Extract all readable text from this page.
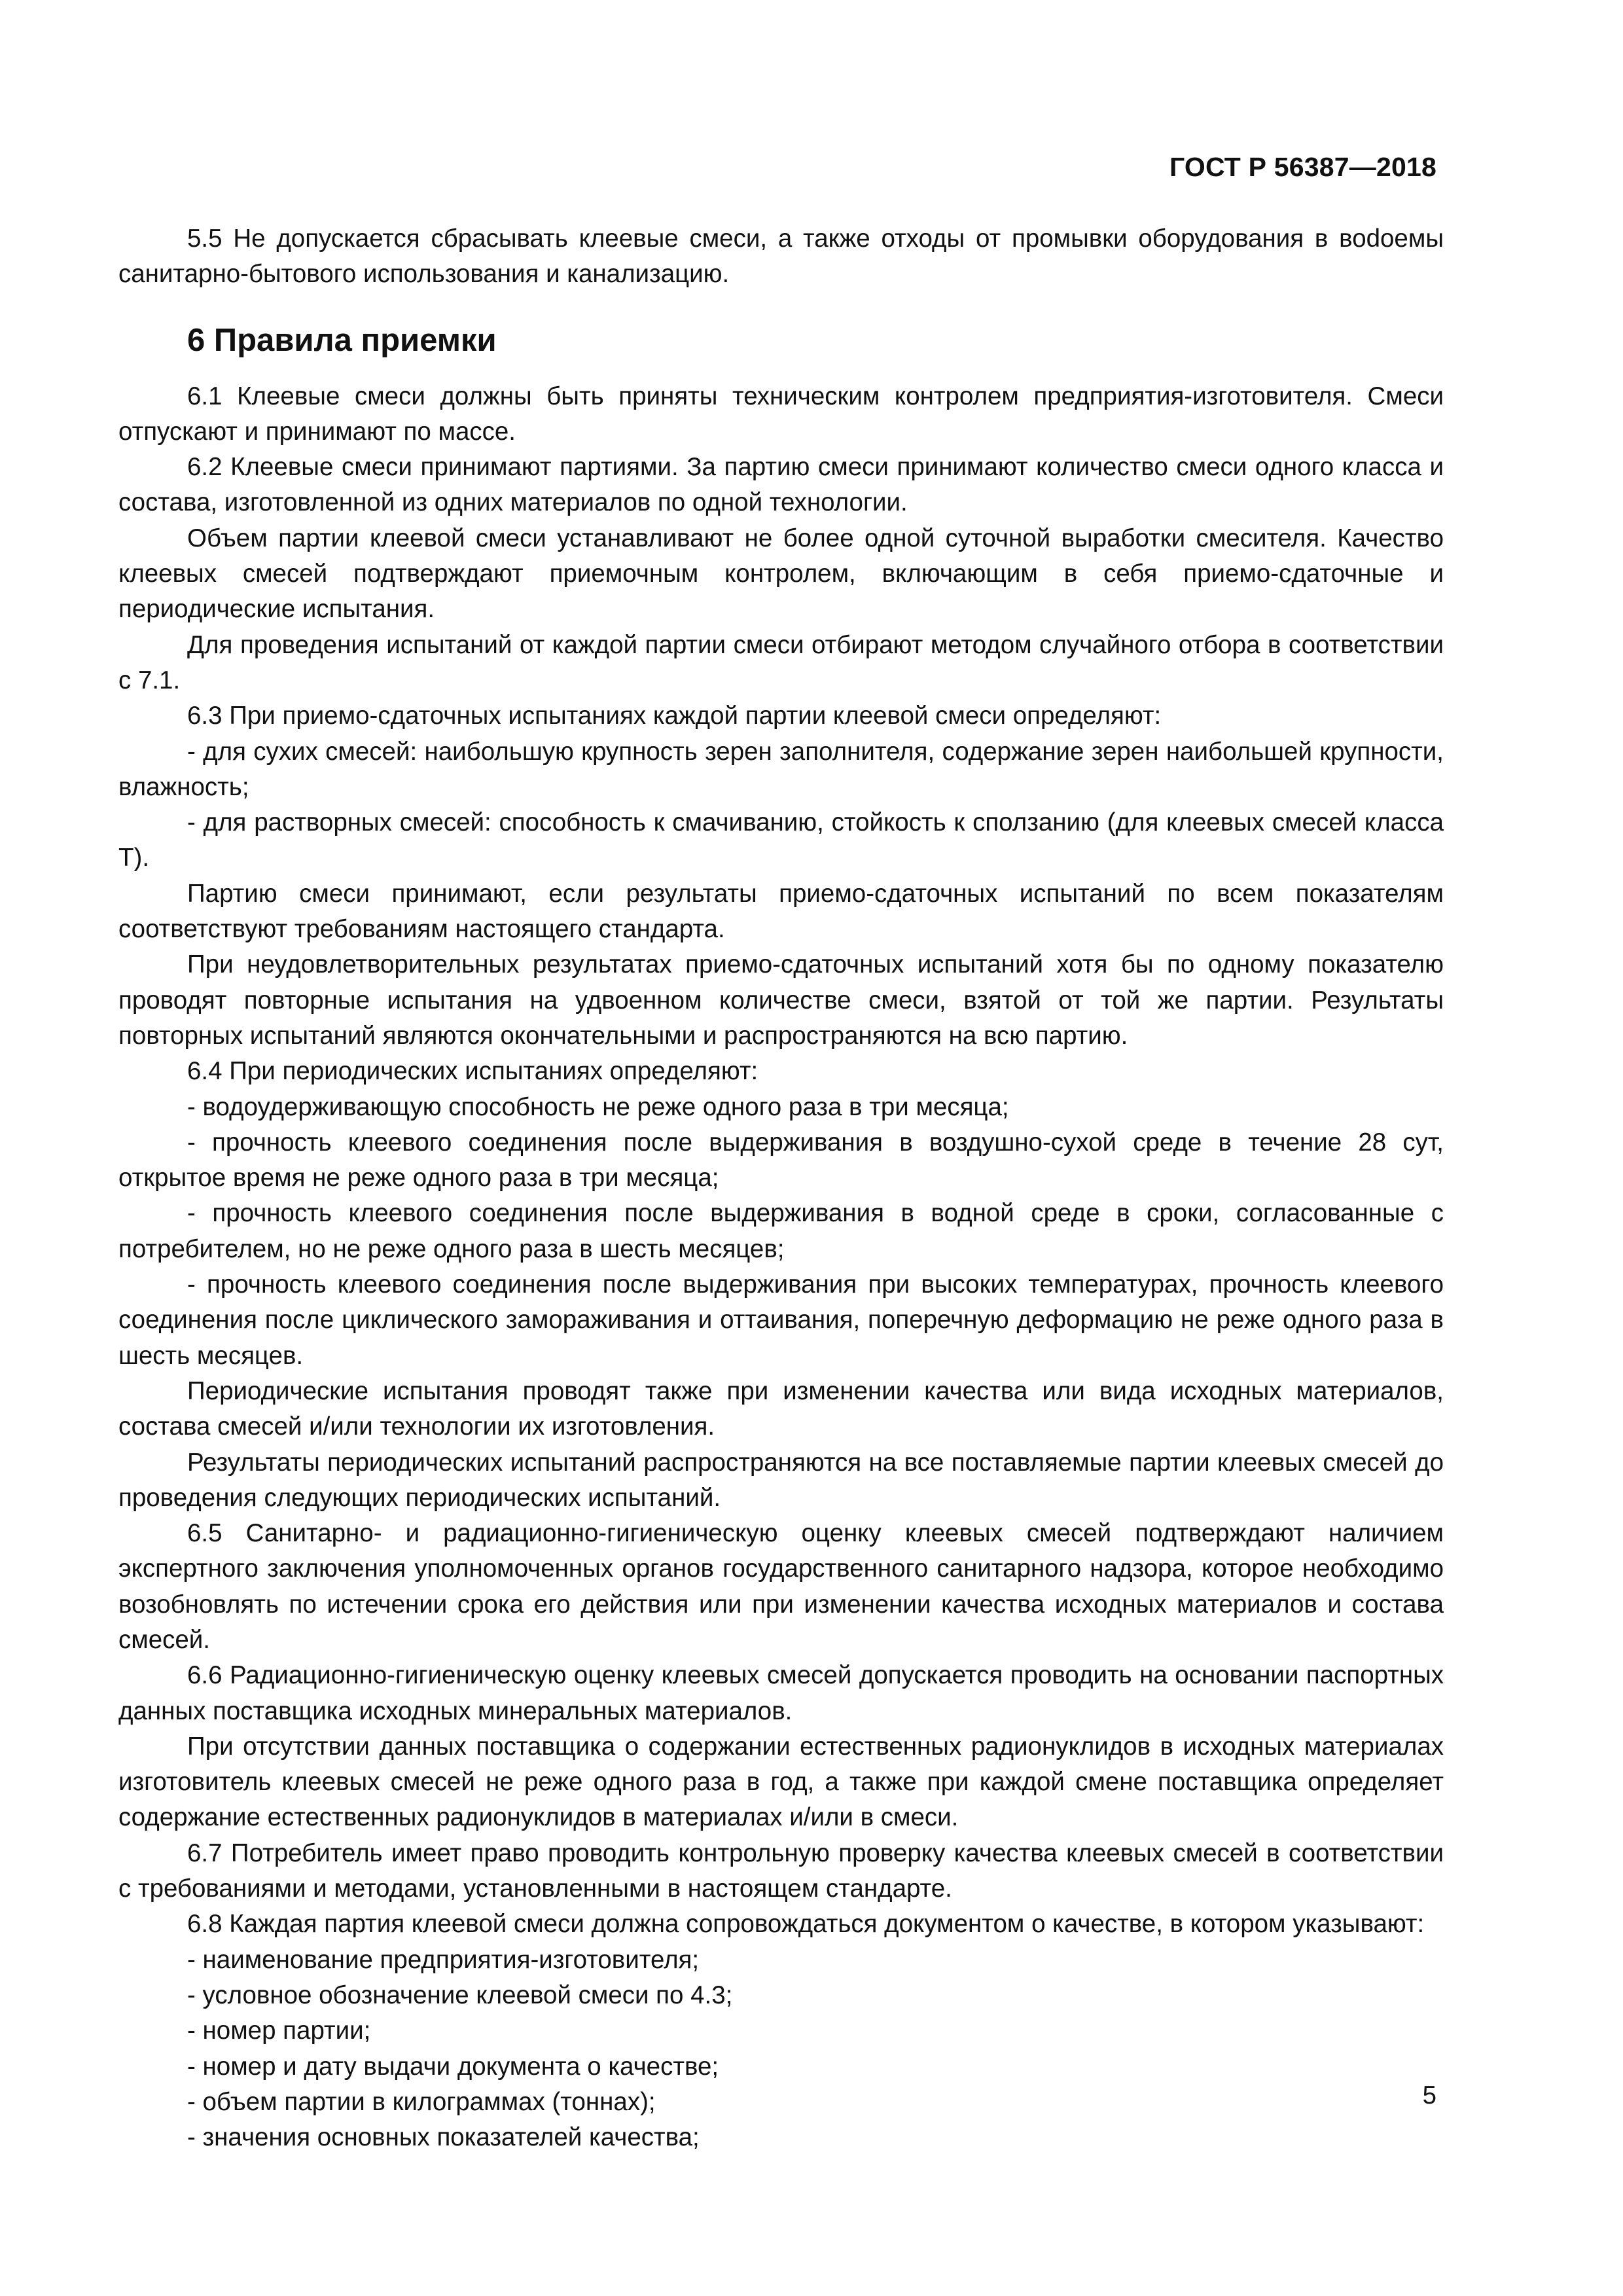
ГОСТ Р 56387—2018

5.5 Не допускается сбрасывать клеевые смеси, а также отходы от промывки оборудования в воdоемы санитарно-бытового использования и канализацию.

6 Правила приемки

6.1 Клеевые смеси должны быть приняты техническим контролем предприятия-изготовителя. Смеси отпускают и принимают по массе.

6.2 Клеевые смеси принимают партиями. За партию смеси принимают количество смеси одного класса и состава, изготовленной из одних материалов по одной технологии.

Объем партии клеевой смеси устанавливают не более одной суточной выработки смесителя. Качество клеевых смесей подтверждают приемочным контролем, включающим в себя приемо-сдаточные и периодические испытания.

Для проведения испытаний от каждой партии смеси отбирают методом случайного отбора в соответствии с 7.1.

6.3 При приемо-сдаточных испытаниях каждой партии клеевой смеси определяют:

- для сухих смесей: наибольшую крупность зерен заполнителя, содержание зерен наибольшей крупности, влажность;

- для растворных смесей: способность к смачиванию, стойкость к сползанию (для клеевых смесей класса Т).

Партию смеси принимают, если результаты приемо-сдаточных испытаний по всем показателям соответствуют требованиям настоящего стандарта.

При неудовлетворительных результатах приемо-сдаточных испытаний хотя бы по одному показателю проводят повторные испытания на удвоенном количестве смеси, взятой от той же партии. Результаты повторных испытаний являются окончательными и распространяются на всю партию.

6.4 При периодических испытаниях определяют:

- водоудерживающую способность не реже одного раза в три месяца;

- прочность клеевого соединения после выдерживания в воздушно-сухой среде в течение 28 сут, открытое время не реже одного раза в три месяца;

- прочность клеевого соединения после выдерживания в водной среде в сроки, согласованные с потребителем, но не реже одного раза в шесть месяцев;

- прочность клеевого соединения после выдерживания при высоких температурах, прочность клеевого соединения после циклического замораживания и оттаивания, поперечную деформацию не реже одного раза в шесть месяцев.

Периодические испытания проводят также при изменении качества или вида исходных материалов, состава смесей и/или технологии их изготовления.

Результаты периодических испытаний распространяются на все поставляемые партии клеевых смесей до проведения следующих периодических испытаний.

6.5 Санитарно- и радиационно-гигиеническую оценку клеевых смесей подтверждают наличием экспертного заключения уполномоченных органов государственного санитарного надзора, которое необходимо возобновлять по истечении срока его действия или при изменении качества исходных материалов и состава смесей.

6.6 Радиационно-гигиеническую оценку клеевых смесей допускается проводить на основании паспортных данных поставщика исходных минеральных материалов.

При отсутствии данных поставщика о содержании естественных радионуклидов в исходных материалах изготовитель клеевых смесей не реже одного раза в год, а также при каждой смене поставщика определяет содержание естественных радионуклидов в материалах и/или в смеси.

6.7 Потребитель имеет право проводить контрольную проверку качества клеевых смесей в соответствии с требованиями и методами, установленными в настоящем стандарте.

6.8 Каждая партия клеевой смеси должна сопровождаться документом о качестве, в котором указывают:

- наименование предприятия-изготовителя;

- условное обозначение клеевой смеси по 4.3;

- номер партии;

- номер и дату выдачи документа о качестве;

- объем партии в килограммах (тоннах);

- значения основных показателей качества;

5
